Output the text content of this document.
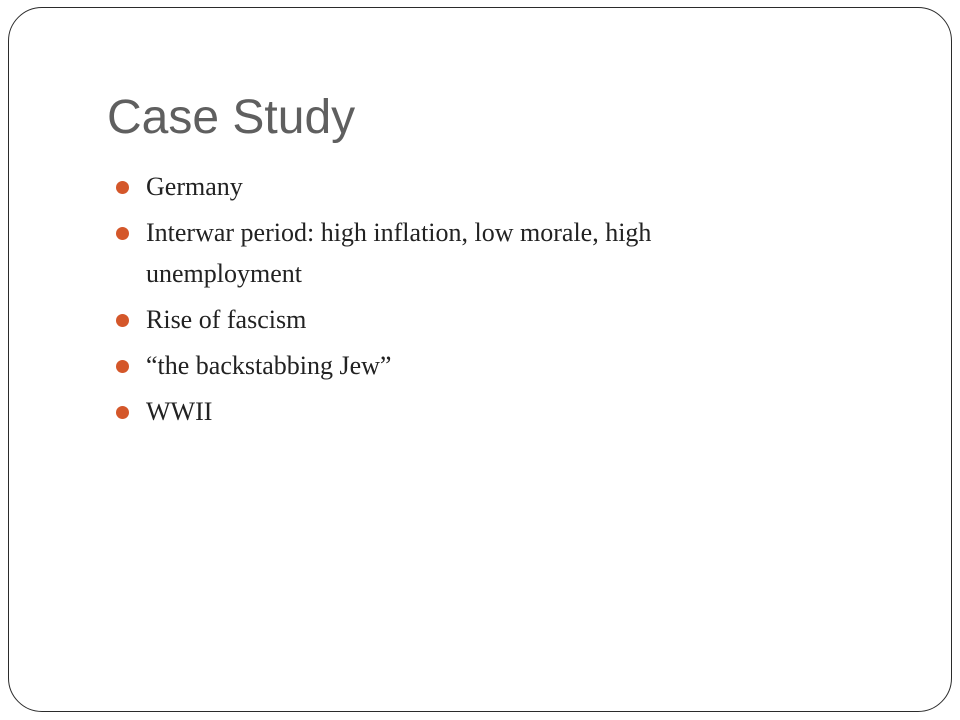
Case Study
Germany
Interwar period: high inflation, low morale, high unemployment
Rise of fascism
“the backstabbing Jew”
WWII
